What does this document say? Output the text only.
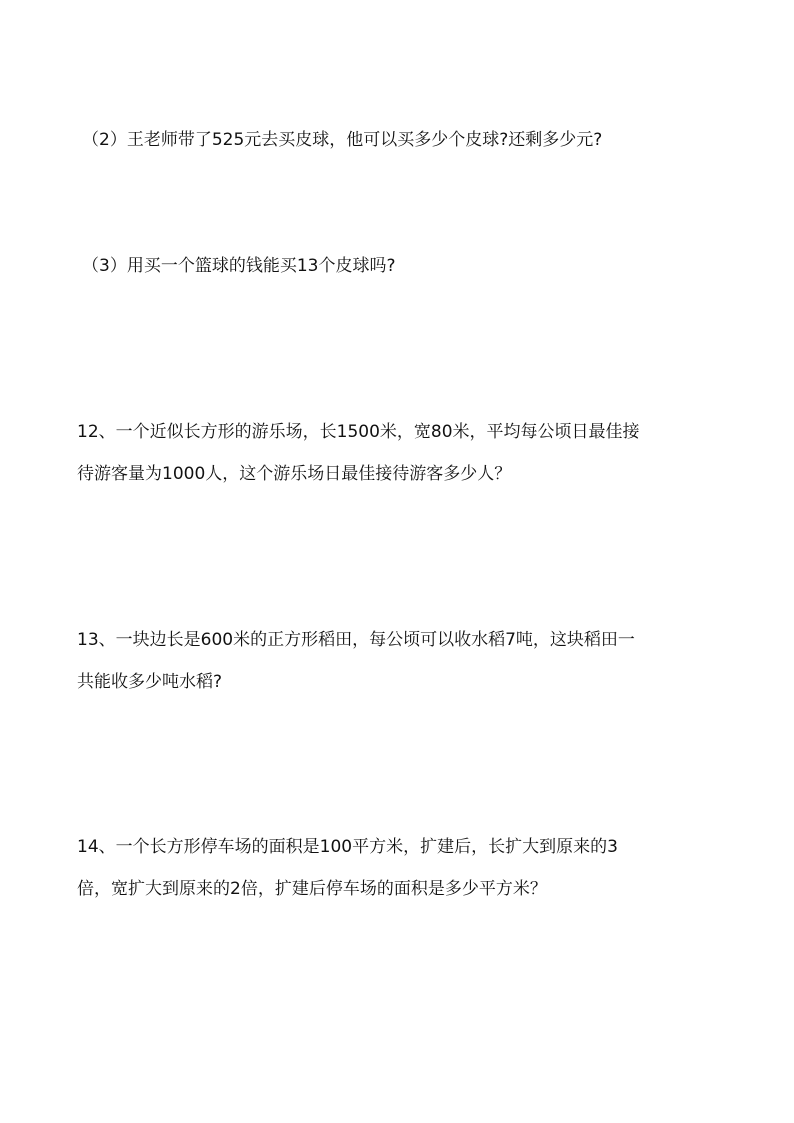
（2）王老师带了525元去买皮球，他可以买多少个皮球?还剩多少元?
（3）用买一个篮球的钱能买13个皮球吗?
12、一个近似长方形的游乐场，长1500米，宽80米，平均每公顷日最佳接
待游客量为1000人，这个游乐场日最佳接待游客多少人？
13、一块边长是600米的正方形稻田，每公顷可以收水稻7吨，这块稻田一
共能收多少吨水稻?
14、一个长方形停车场的面积是100平方米，扩建后，长扩大到原来的3
倍，宽扩大到原来的2倍，扩建后停车场的面积是多少平方米？
